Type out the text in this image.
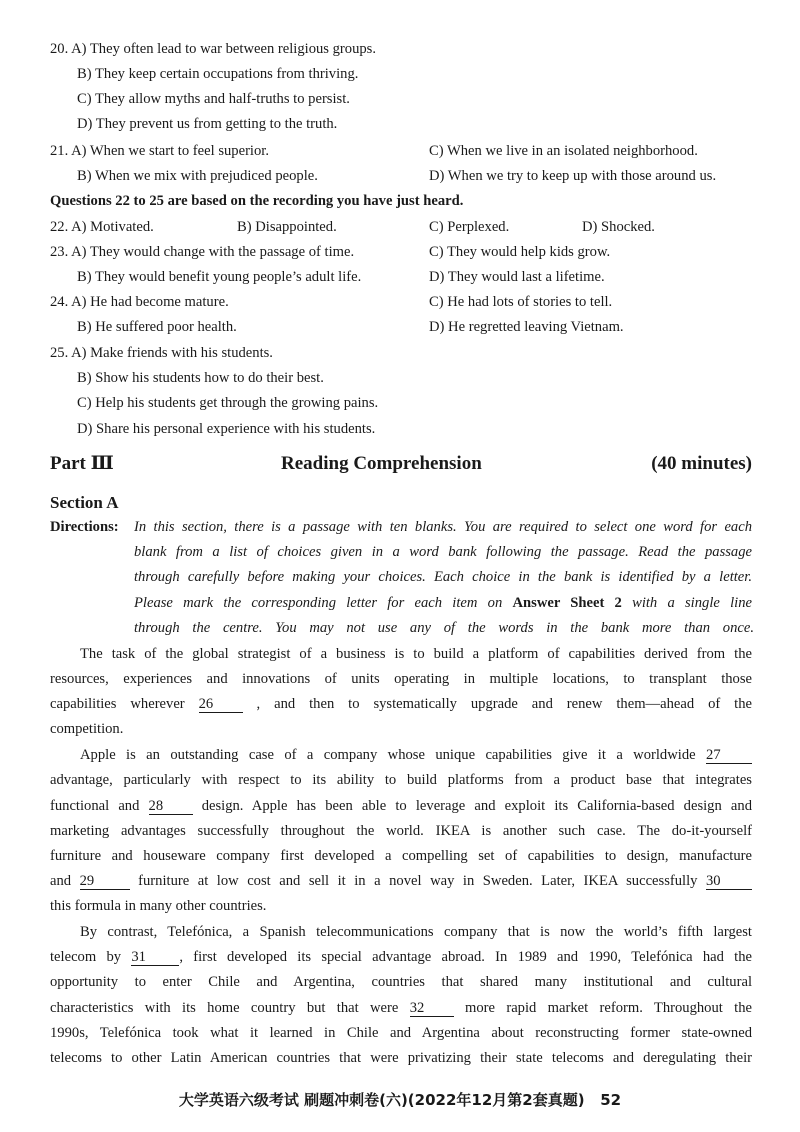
20. A) They often lead to war between religious groups.
B) They keep certain occupations from thriving.
C) They allow myths and half-truths to persist.
D) They prevent us from getting to the truth.
21. A) When we start to feel superior.	C) When we live in an isolated neighborhood.
B) When we mix with prejudiced people.	D) When we try to keep up with those around us.
Questions 22 to 25 are based on the recording you have just heard.
22. A) Motivated.	B) Disappointed.	C) Perplexed.	D) Shocked.
23. A) They would change with the passage of time.	C) They would help kids grow.
B) They would benefit young people’s adult life.	D) They would last a lifetime.
24. A) He had become mature.	C) He had lots of stories to tell.
B) He suffered poor health.	D) He regretted leaving Vietnam.
25. A) Make friends with his students.
B) Show his students how to do their best.
C) Help his students get through the growing pains.
D) Share his personal experience with his students.
Part Ⅲ	Reading Comprehension	(40 minutes)
Section A
Directions: In this section, there is a passage with ten blanks. You are required to select one word for each
blank from a list of choices given in a word bank following the passage. Read the passage
through carefully before making your choices. Each choice in the bank is identified by a letter.
Please mark the corresponding letter for each item on Answer Sheet 2 with a single line
through the centre. You may not use any of the words in the bank more than once.
The task of the global strategist of a business is to build a platform of capabilities derived from the
resources, experiences and innovations of units operating in multiple locations, to transplant those
capabilities wherever 26	, and then to systematically upgrade and renew them—ahead of the
competition.
Apple is an outstanding case of a company whose unique capabilities give it a worldwide 27
advantage, particularly with respect to its ability to build platforms from a product base that integrates
functional and 28	design. Apple has been able to leverage and exploit its California-based design and
marketing advantages successfully throughout the world. IKEA is another such case. The do-it-yourself
furniture and houseware company first developed a compelling set of capabilities to design, manufacture
and 29	furniture at low cost and sell it in a novel way in Sweden. Later, IKEA successfully 30
this formula in many other countries.
By contrast, Telefónica, a Spanish telecommunications company that is now the world’s fifth largest
telecom by 31 , first developed its special advantage abroad. In 1989 and 1990, Telefónica had the
opportunity to enter Chile and Argentina, countries that shared many institutional and cultural
characteristics with its home country but that were 32	more rapid market reform. Throughout the
1990s, Telefónica took what it learned in Chile and Argentina about reconstructing former state-owned
telecoms to other Latin American countries that were privatizing their state telecoms and deregulating their
大学英语六级考试 刷题冲刺卷(六)(2022年12月第2套真题) 52
